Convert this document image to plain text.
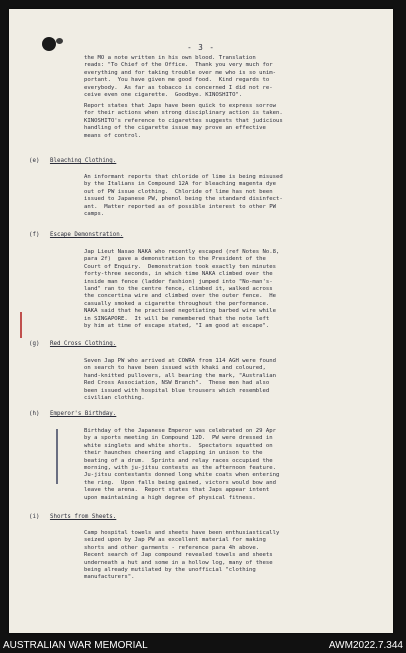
- 3 -

the MO a note written in his own blood. Translation
reads: "To Chief of the Office.  Thank you very much for
everything and for taking trouble over me who is so unim-
portant.  You have given me good food.  Kind regards to
everybody.  As far as tobacco is concerned I did not re-
ceive even one cigarette.  Goodbye. KINOSHITO".

Report states that Japs have been quick to express sorrow
for their actions when strong disciplinary action is taken.
KINOSHITO's reference to cigarettes suggests that judicious
handling of the cigarette issue may prove an effective
means of control.

(e) Bleaching Clothing.

An informant reports that chloride of lime is being misused
by the Italians in Compound 12A for bleaching magenta dye
out of PW issue clothing.  Chloride of lime has not been
issued to Japanese PW, phenol being the standard disinfect-
ant.  Matter reported as of possible interest to other PW
camps.

(f) Escape Demonstration.

Jap Lieut Nasao NAKA who recently escaped (ref Notes No.8,
para 2f)  gave a demonstration to the President of the
Court of Enquiry.  Demonstration took exactly ten minutes
forty-three seconds, in which time NAKA climbed over the
inside man fence (ladder fashion) jumped into "No-man's-
land" ran to the centre fence, climbed it, walked across
the concertina wire and climbed over the outer fence.  He
casually smoked a cigarette throughout the performance.
NAKA said that he practised negotiating barbed wire while
in SINGAPORE.  It will be remembered that the note left
by him at time of escape stated, "I am good at escape".

(g) Red Cross Clothing.

Seven Jap PW who arrived at COWRA from 114 AGH were found
on search to have been issued with khaki and coloured,
hand-knitted pullovers, all bearing the mark, "Australian
Red Cross Association, NSW Branch".  These men had also
been issued with hospital blue trousers which resembled
civilian clothing.

(h) Emperor's Birthday.

Birthday of the Japanese Emperor was celebrated on 29 Apr
by a sports meeting in Compound 12D.  PW were dressed in
white singlets and white shorts.  Spectators squatted on
their haunches cheering and clapping in unison to the
beating of a drum.  Sprints and relay races occupied the
morning, with ju-jitsu contests as the afternoon feature.
Ju-jitsu contestants donned long white coats when entering
the ring.  Upon falls being gained, victors would bow and
leave the arena.  Report states that Japs appear intent
upon maintaining a high degree of physical fitness.

(i) Shorts from Sheets.

Camp hospital towels and sheets have been enthusiastically
seized upon by Jap PW as excellent material for making
shorts and other garments - reference para 4h above.
Recent search of Jap compound revealed towels and sheets
underneath a hut and some in a hollow log, many of these
being already mutilated by the unofficial "clothing
manufacturers".

AUSTRALIAN WAR MEMORIAL	AWM2022.7.344
